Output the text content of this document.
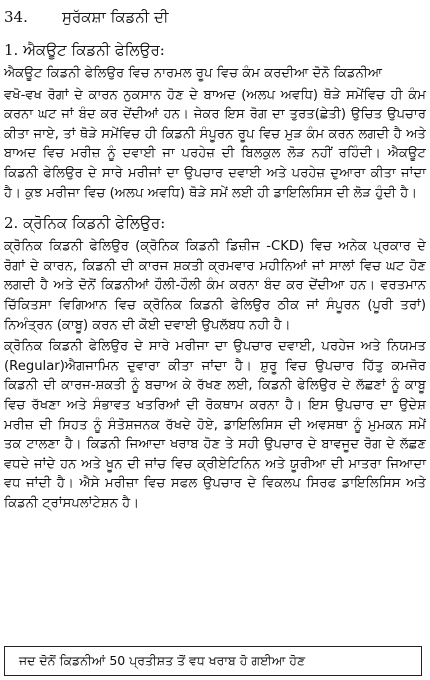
34. ਸੁਰੱਕਸ਼ਾ ਕਿਡਨੀ ਦੀ
1. ਐਕਊਟ ਕਿਡਨੀ ਫੇਲਿਉਰ:

ਐਕਊਟ ਕਿਡਨੀ ਫੇਲਿਉਰ ਵਿਚ ਨਾਰਮਲ ਰੂਪ ਵਿਚ ਕੰਮ ਕਰਦੀਆ ਦੋਨੋ ਕਿਡਨੀਆ

ਵਖੋ-ਵਖ ਰੋਗਾਂ ਦੇ ਕਾਰਨ ਨੁਕਸਾਨ ਹੋਣ ਦੇ ਬਾਅਦ (ਅਲਪ ਅਵਧਿ) ਥੋੜੇ ਸਮੇਂਵਿਚ ਹੀ ਕੰਮ ਕਰਨਾ ਘਟ ਜਾਂ ਬੰਦ ਕਰ ਦੇਂਦੀਆਂ ਹਨ। ਜੇਕਰ ਇਸ ਰੋਗ ਦਾ ਤੁਰਤ(ਛੇਤੀ) ਉਚਿਤ ਉਪਚਾਰ ਕੀਤਾ ਜਾਏ, ਤਾਂ ਥੋੜੇ ਸਮੇਂਵਿਚ ਹੀ ਕਿਡਨੀ ਸੰਪੂਰਨ ਰੂਪ ਵਿਚ ਮੁੜ ਕੰਮ ਕਰਨ ਲਗਦੀ ਹੈ ਅਤੇ ਬਾਅਦ ਵਿਚ ਮਰੀਜ਼ ਨੂੰ ਦਵਾਈ ਜਾ ਪਰਹੇਜ਼ ਦੀ ਬਿਲਕੁਲ ਲੋੜ ਨਹੀਂ ਰਹਿੰਦੀ। ਐਕਊਟ ਕਿਡਨੀ ਫੇਲਿਉਰ ਦੇ ਸਾਰੇ ਮਰੀਜਾਂ ਦਾ ਉਪਚਾਰ ਦਵਾਈ ਅਤੇ ਪਰਹੇਜ਼ ਦੁਆਰਾ ਕੀਤਾ ਜਾਂਦਾ ਹੈ। ਕੁਝ ਮਰੀਜਾ ਵਿਚ (ਅਲਪ ਅਵਧਿ) ਥੋੜੇ ਸਮੇਂ ਲਈ ਹੀ ਡਾਇਲਿਸਿਸ ਦੀ ਲੋੜ ਹੁੰਦੀ ਹੈ।

2. ਕ੍ਰੋਨਿਕ ਕਿਡਨੀ ਫੇਲਿਉਰ:

ਕ੍ਰੋਨਿਕ ਕਿਡਨੀ ਫੇਲਿਉਰ (ਕ੍ਰੋਨਿਕ ਕਿਡਨੀ ਡਿਜ਼ੀਜ -CKD) ਵਿਚ ਅਨੇਕ ਪ੍ਰਕਾਰ ਦੇ ਰੋਗਾਂ ਦੇ ਕਾਰਨ, ਕਿਡਨੀ ਦੀ ਕਾਰਜ ਸ਼ਕਤੀ ਕ੍ਰਮਵਾਰ ਮਹੀਨਿਆਂ ਜਾਂ ਸਾਲਾਂ ਵਿਚ ਘਟ ਹੋਣ ਲਗਦੀ ਹੈ ਅਤੇ ਦੋਨੋਂ ਕਿਡਨੀਆਂ ਹੌਲੀ-ਹੌਲੀ ਕੰਮ ਕਰਨਾ ਬੰਦ ਕਰ ਦੇਂਦੀਆ ਹਨ। ਵਰਤਮਾਨ ਚਿੱਕਿਤਸਾ ਵਿਗਿਆਨ ਵਿਚ ਕ੍ਰੋਨਿਕ ਕਿਡਨੀ ਫੇਲਿਉਰ ਠੀਕ ਜਾਂ ਸੰਪੂਰਨ (ਪੂਰੀ ਤਰਾਂ) ਨਿਅੰਤ੍ਰਨ (ਕਾਬੂ) ਕਰਨ ਦੀ ਕੋਈ ਦਵਾਈ ਉਪਲੱਬਧ ਨਹੀ ਹੈ।

ਕ੍ਰੋਨਿਕ ਕਿਡਨੀ ਫੇਲਿਉਰ ਦੇ ਸਾਰੇ ਮਰੀਜਾ ਦਾ ਉਪਚਾਰ ਦਵਾਈ, ਪਰਹੇਜ ਅਤੇ ਨਿਯਮਤ (Regular)ਐਗਜਾਮਿਨ ਦੁਵਾਰਾ ਕੀਤਾ ਜਾਂਦਾ ਹੈ। ਸ਼ੁਰੂ ਵਿਚ ਉਪਚਾਰ ਹਿੱਤੁ ਕਮਜੋਰ ਕਿਡਨੀ ਦੀ ਕਾਰਜ-ਸ਼ਕਤੀ ਨੂੰ ਬਚਾਅ ਕੇ ਰੱਖਣ ਲਈ, ਕਿਡਨੀ ਫੇਲਿਉਰ ਦੇ ਲੱਛਣਾਂ ਨੂੰ ਕਾਬੂ ਵਿਚ ਰੱਖਣਾ ਅਤੇ ਸੰਭਾਵਤ ਖਤਰਿਆਂ ਦੀ ਰੋਕਥਾਮ ਕਰਨਾ ਹੈ। ਇਸ ਉਪਚਾਰ ਦਾ ਉਦੇਸ਼ ਮਰੀਜ਼ ਦੀ ਸਿਹਤ ਨੂੰ ਸੰਤੋਸ਼ਜਨਕ ਰੱਖਦੇ ਹੋਏ, ਡਾਇਲਿਸਿਸ ਦੀ ਅਵਸਥਾ ਨੂੰ ਮੁਮਕਨ ਸਮੇਂ ਤਕ ਟਾਲਣਾ ਹੈ। ਕਿਡਨੀ ਜਿਆਦਾ ਖਰਾਬ ਹੋਣ ਤੇ ਸਹੀ ਉਪਚਾਰ ਦੇ ਬਾਵਜੂਦ ਰੋਗ ਦੇ ਲੱਛਣ ਵਧਦੇ ਜਾਂਦੇ ਹਨ ਅਤੇ ਖੂਨ ਦੀ ਜਾਂਚ ਵਿਚ ਕ੍ਰੀਏਟਿਨਿਨ ਅਤੇ ਯੂਰੀਆ ਦੀ ਮਾਤਰਾ ਜਿਆਦਾ ਵਧ ਜਾਂਦੀ ਹੈ। ਐਸੇ ਮਰੀਜ਼ਾ ਵਿਚ ਸਫਲ ਉਪਚਾਰ ਦੇ ਵਿਕਲਪ ਸਿਰਫ ਡਾਇਲਿਸਿਸ ਅਤੇ ਕਿਡਨੀ ਟ੍ਰਾਂਸਪਲਾਂਟੇਸ਼ਨ ਹੈ।

ਜਦ ਦੋਨੋਂ ਕਿਡਨੀਆਂ 50 ਪ੍ਰਤੀਸ਼ਤ ਤੋਂ ਵਧ ਖਰਾਬ ਹੋ ਗਈਆ ਹੋਣ
